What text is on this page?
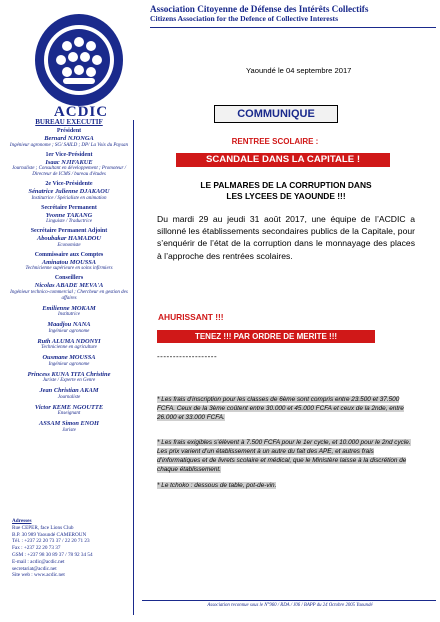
ACDIC
Association Citoyenne de Défense des Intérêts Collectifs
Citizens Association for the Defence of Collective Interests
BUREAU EXECUTIF
Président
Bernard NJONGA
Ingénieur agronome ; SG/ SAILD ; DP/ La Voix du Paysan
1er Vice-Président
Isaac NJIFAKUE
Journaliste ; Consultant en développement ; Promoteur / Directeur de ICMS / bureau d'études
2e Vice-Présidente
Sénatrice Julienne DJAKAOU
Institutrice / Spécialiste en animation
Secrétaire Permanent
Yvonne TAKANG
Linguiste / Traductrice
Secrétaire Permanent Adjoint
Aboubakar HAMADOU
Economiste
Commissaire aux Comptes
Aminatou MOUSSA
Technicienne supérieure en soins infirmiers
Conseillers
Nicolas ABADE MEVA'A
Ingénieur technico-commercial ; Chercheur en gestion des affaires
Emilienne MOKAM
Institutrice
Maadjou NANA
Ingénieur agronome
Ruth ALUMA NDONYI
Technicienne en agriculture
Ousmane MOUSSA
Ingénieur agronome
Princess KUNA TITA Christine
Juriste / Experte en Genre
Jean Christian AKAM
Journaliste
Victor KEME NGOUTTE
Enseignant
ASSAM Simon ENOH
Juriste
Adresses
Rue CEPER, face Lions Club
B.P. 30 989 Yaoundé CAMEROUN
Tél. : +237 22 20 73 37 / 22 20 71 23
Fax : +237 22 20 73 37
GSM : +237 98 30 89 37 / 78 92 34 54
E-mail : acdic@acdic.net
secretariat@acdic.net
Site web : www.acdic.net
Yaoundé le 04 septembre 2017
COMMUNIQUE
RENTREE SCOLAIRE :
SCANDALE DANS LA CAPITALE !
LE PALMARES DE LA CORRUPTION DANS
LES LYCEES DE YAOUNDE !!!
Du mardi 29 au jeudi 31 août 2017, une équipe de l’ACDIC a sillonné les établissements secondaires publics de la Capitale, pour s’enquérir de l’état de la corruption dans le monnayage des places à l’approche des rentrées scolaires.
AHURISSANT !!!
TENEZ !!! PAR ORDRE DE MERITE !!!
-------------------
* Les frais d’inscription pour les classes de 6ème sont compris entre 23.500 et 37.500 FCFA. Ceux de la 3ème coûtent entre 30.000 et 45.000 FCFA et ceux de la 2nde, entre 26.000 et 33.000 FCFA.
* Les frais exigibles s’élèvent à 7.500 FCFA pour le 1er cycle, et 10.000 pour le 2nd cycle. Les prix varient d’un établissement à un autre du fait des APE, et autres frais d’informatiques et de livrets scolaire et médical, que le Ministère laisse à la discrétion de chaque établissement.
* Le tchoko : dessous de table, pot-de-vin.
Association reconnue sous le N°960 / RDA / J06 / BAPP du 24 Octobre 2005 Yaoundé
